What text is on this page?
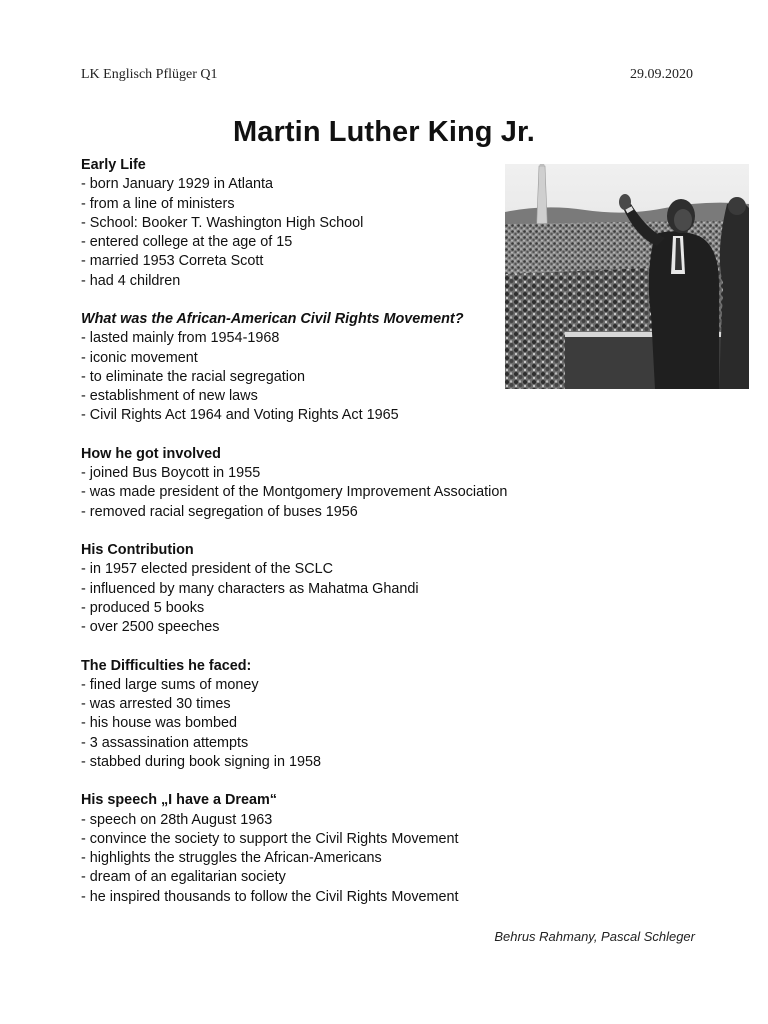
LK Englisch Pflüger Q1	29.09.2020
Martin Luther King Jr.
Early Life
- born January 1929 in Atlanta
- from a line of ministers
- School: Booker T. Washington High School
- entered college at the age of 15
- married 1953 Correta Scott
- had 4 children
What was the African-American Civil Rights Movement?
- lasted mainly from 1954-1968
- iconic movement
- to eliminate the racial segregation
- establishment of new laws
- Civil Rights Act 1964 and Voting Rights Act 1965
How he got involved
- joined Bus Boycott in 1955
- was made president of the Montgomery Improvement Association
- removed racial segregation of buses 1956
His Contribution
- in 1957 elected president of the SCLC
- influenced by many characters as Mahatma Ghandi
- produced 5 books
- over 2500 speeches
The Difficulties he faced:
- fined large sums of money
- was arrested 30 times
- his house was bombed
- 3 assassination attempts
- stabbed during book signing in 1958
His speech „I have a Dream“
- speech on 28th August 1963
- convince the society to support the Civil Rights Movement
- highlights the struggles the African-Americans
- dream of an egalitarian society
- he inspired thousands to follow the Civil Rights Movement
Behrus Rahmany, Pascal Schleger
